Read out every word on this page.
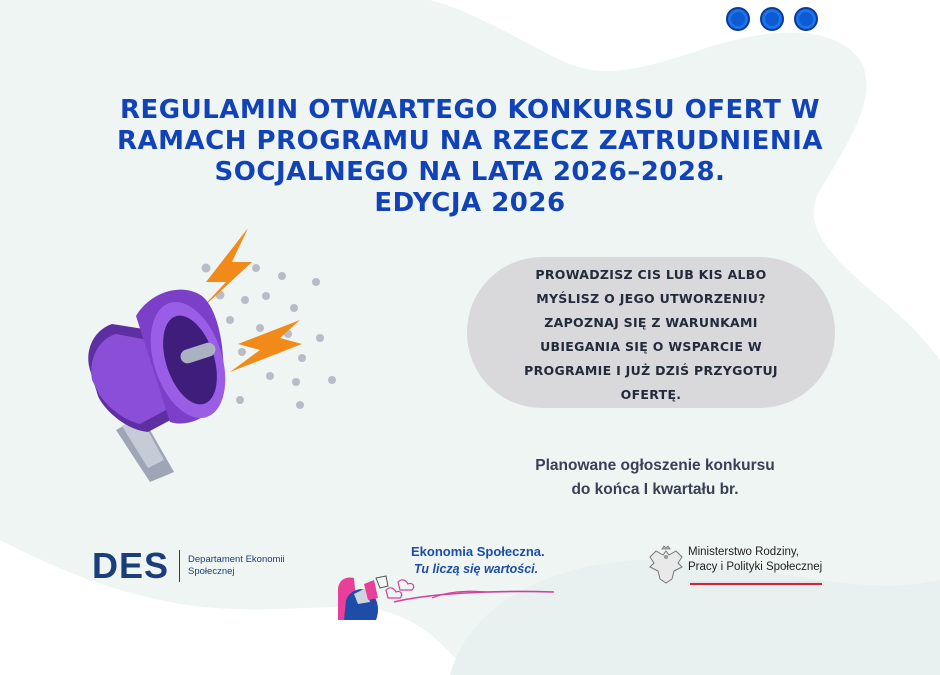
REGULAMIN OTWARTEGO KONKURSU OFERT W
RAMACH PROGRAMU NA RZECZ ZATRUDNIENIA
SOCJALNEGO NA LATA 2026–2028.
EDYCJA 2026
PROWADZISZ CIS LUB KIS ALBO
MYŚLISZ O JEGO UTWORZENIU?
ZAPOZNAJ SIĘ Z WARUNKAMI
UBIEGANIA SIĘ O WSPARCIE W
PROGRAMIE I JUŻ DZIŚ PRZYGOTUJ
OFERTĘ.
Planowane ogłoszenie konkursu
do końca I kwartału br.
DES Departament Ekonomii
Społecznej
Ekonomia Społeczna.
Tu liczą się wartości.
Ministerstwo Rodziny,
Pracy i Polityki Społecznej
